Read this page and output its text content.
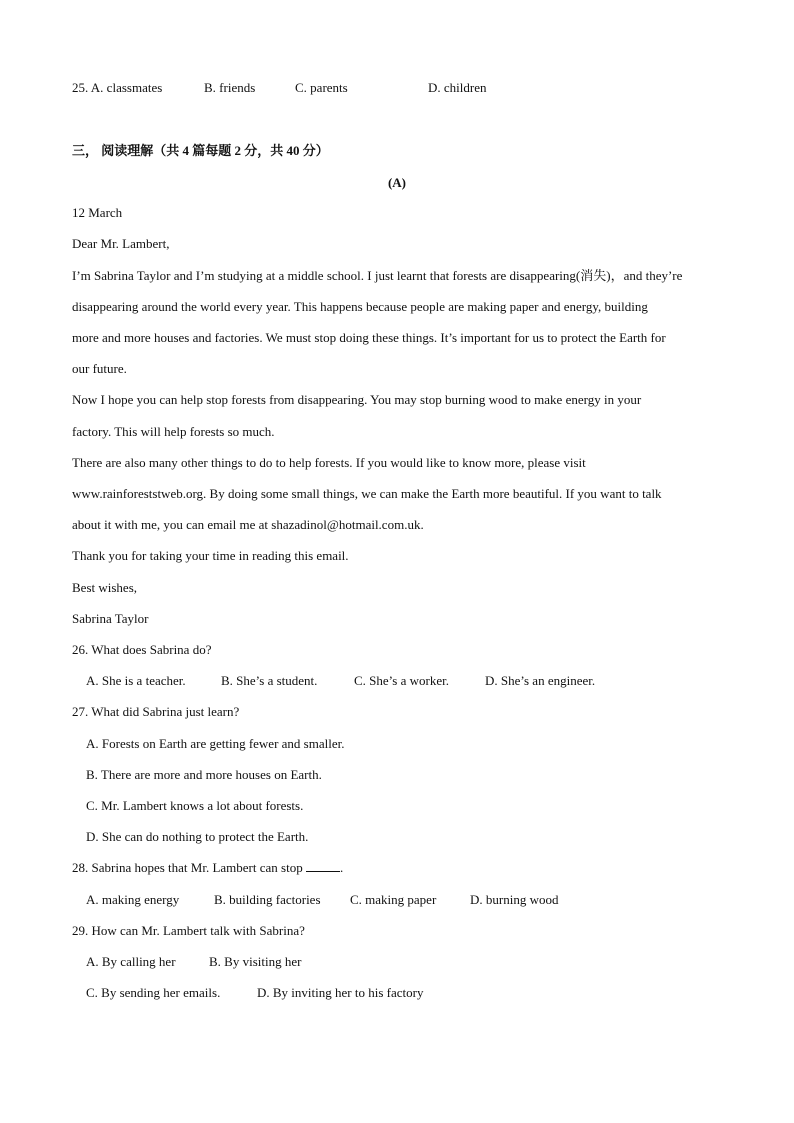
25. A. classmates	B. friends	C. parents	D. children
三， 阅读理解（共 4 篇每题 2 分，共 40 分）
(A)
12 March
Dear Mr. Lambert,
I’m Sabrina Taylor and I’m studying at a middle school. I just learnt that forests are disappearing(消失)，and they’re
disappearing around the world every year. This happens because people are making paper and energy, building
more and more houses and factories. We must stop doing these things. It’s important for us to protect the Earth for
our future.
Now I hope you can help stop forests from disappearing. You may stop burning wood to make energy in your
factory. This will help forests so much.
There are also many other things to do to help forests. If you would like to know more, please visit
www.rainforeststweb.org. By doing some small things, we can make the Earth more beautiful. If you want to talk
about it with me, you can email me at shazadinol@hotmail.com.uk.
Thank you for taking your time in reading this email.
Best wishes,
Sabrina Taylor
26. What does Sabrina do?
A. She is a teacher.	B. She’s a student.	C. She’s a worker.	D. She’s an engineer.
27. What did Sabrina just learn?
A. Forests on Earth are getting fewer and smaller.
B. There are more and more houses on Earth.
C. Mr. Lambert knows a lot about forests.
D. She can do nothing to protect the Earth.
28. Sabrina hopes that Mr. Lambert can stop	.
A. making energy	B. building factories C. making paper	D. burning wood
29. How can Mr. Lambert talk with Sabrina?
A. By calling her	B. By visiting her
C. By sending her emails.	D. By inviting her to his factory
